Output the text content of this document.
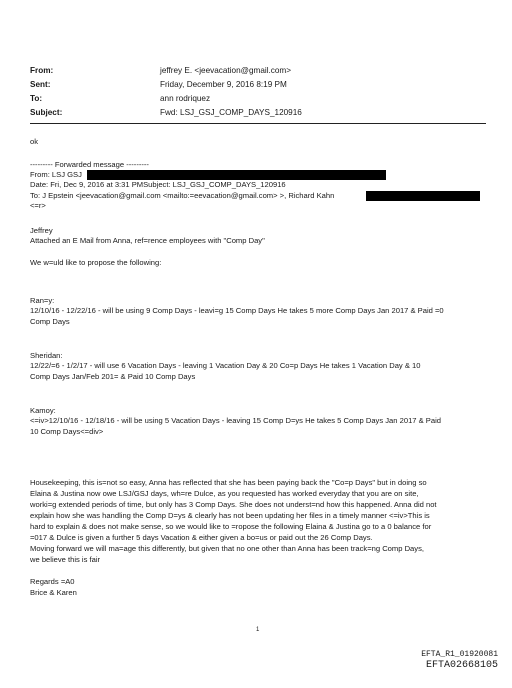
From:	jeffrey E. <jeevacation@gmail.com>
Sent:	Friday, December 9, 2016 8:19 PM
To:	ann rodriquez
Subject:	Fwd: LSJ_GSJ_COMP_DAYS_120916
ok
--------- Forwarded message ---------
From: LSJ GSJ
Date: Fri, Dec 9, 2016 at 3:31 PMSubject: LSJ_GSJ_COMP_DAYS_120916
To: J Epstein <jeevacation@gmail.com <mailto:=eevacation@gmail.com> >, Richard Kahn
<=r>
Jeffrey
Attached an E Mail from Anna, ref=rence employees with "Comp Day"
We w=uld like to propose the following:
Ran=y:
12/10/16 - 12/22/16 - will be using 9 Comp Days - leavi=g 15 Comp Days He takes 5 more Comp Days Jan 2017 & Paid =0
Comp Days
Sheridan:
12/22/=6 - 1/2/17 - will use 6 Vacation Days - leaving 1 Vacation Day & 20 Co=p Days He takes 1 Vacation Day & 10
Comp Days Jan/Feb 201= & Paid 10 Comp Days
Kamoy:
<=iv>12/10/16 - 12/18/16 - will be using 5 Vacation Days - leaving 15 Comp D=ys He takes 5 Comp Days Jan 2017 & Paid
10 Comp Days<=div>
Housekeeping, this is=not so easy, Anna has reflected that she has been paying back the "Co=p Days" but in doing so
Elaina & Justina now owe LSJ/GSJ days, wh=re Dulce, as you requested has worked everyday that you are on site,
worki=g extended periods of time, but only has 3 Comp Days. She does not underst=nd how this happened. Anna did not
explain how she was handling the Comp D=ys & clearly has not been updating her files in a timely manner <=iv>This is
hard to explain & does not make sense, so we would like to =ropose the following Elaina & Justina go to a 0 balance for
=017 & Dulce is given a further 5 days Vacation & either given a bo=us or paid out the 26 Comp Days.
Moving forward we will ma=age this differently, but given that no one other than Anna has been track=ng Comp Days,
we believe this is fair
Regards =A0
Brice & Karen
1
EFTA_R1_01920081
EFTA02668105
